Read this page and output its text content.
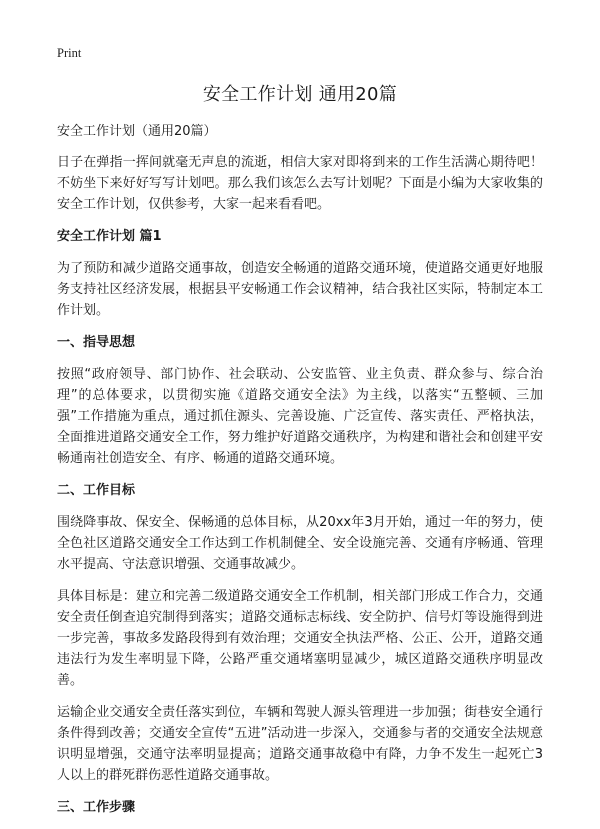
Print
安全工作计划 通用20篇

安全工作计划（通用20篇）

日子在弹指一挥间就毫无声息的流逝，相信大家对即将到来的工作生活满心期待吧！不妨坐下来好好写写计划吧。那么我们该怎么去写计划呢？下面是小编为大家收集的安全工作计划，仅供参考，大家一起来看看吧。

安全工作计划 篇1

为了预防和减少道路交通事故，创造安全畅通的道路交通环境，使道路交通更好地服务支持社区经济发展，根据县平安畅通工作会议精神，结合我社区实际，特制定本工作计划。

一、指导思想

按照“政府领导、部门协作、社会联动、公安监管、业主负责、群众参与、综合治理”的总体要求，以贯彻实施《道路交通安全法》为主线，以落实“五整顿、三加强”工作措施为重点，通过抓住源头、完善设施、广泛宣传、落实责任、严格执法，全面推进道路交通安全工作，努力维护好道路交通秩序，为构建和谐社会和创建平安畅通南社创造安全、有序、畅通的道路交通环境。

二、工作目标

围绕降事故、保安全、保畅通的总体目标，从20xx年3月开始，通过一年的努力，使全色社区道路交通安全工作达到工作机制健全、安全设施完善、交通有序畅通、管理水平提高、守法意识增强、交通事故减少。

具体目标是：建立和完善二级道路交通安全工作机制，相关部门形成工作合力，交通安全责任倒查追究制得到落实；道路交通标志标线、安全防护、信号灯等设施得到进一步完善，事故多发路段得到有效治理；交通安全执法严格、公正、公开，道路交通违法行为发生率明显下降，公路严重交通堵塞明显减少，城区道路交通秩序明显改善。

运输企业交通安全责任落实到位，车辆和驾驶人源头管理进一步加强；街巷安全通行条件得到改善；交通安全宣传“五进”活动进一步深入，交通参与者的交通安全法规意识明显增强，交通守法率明显提高；道路交通事故稳中有降，力争不发生一起死亡3人以上的群死群伤恶性道路交通事故。

三、工作步骤
